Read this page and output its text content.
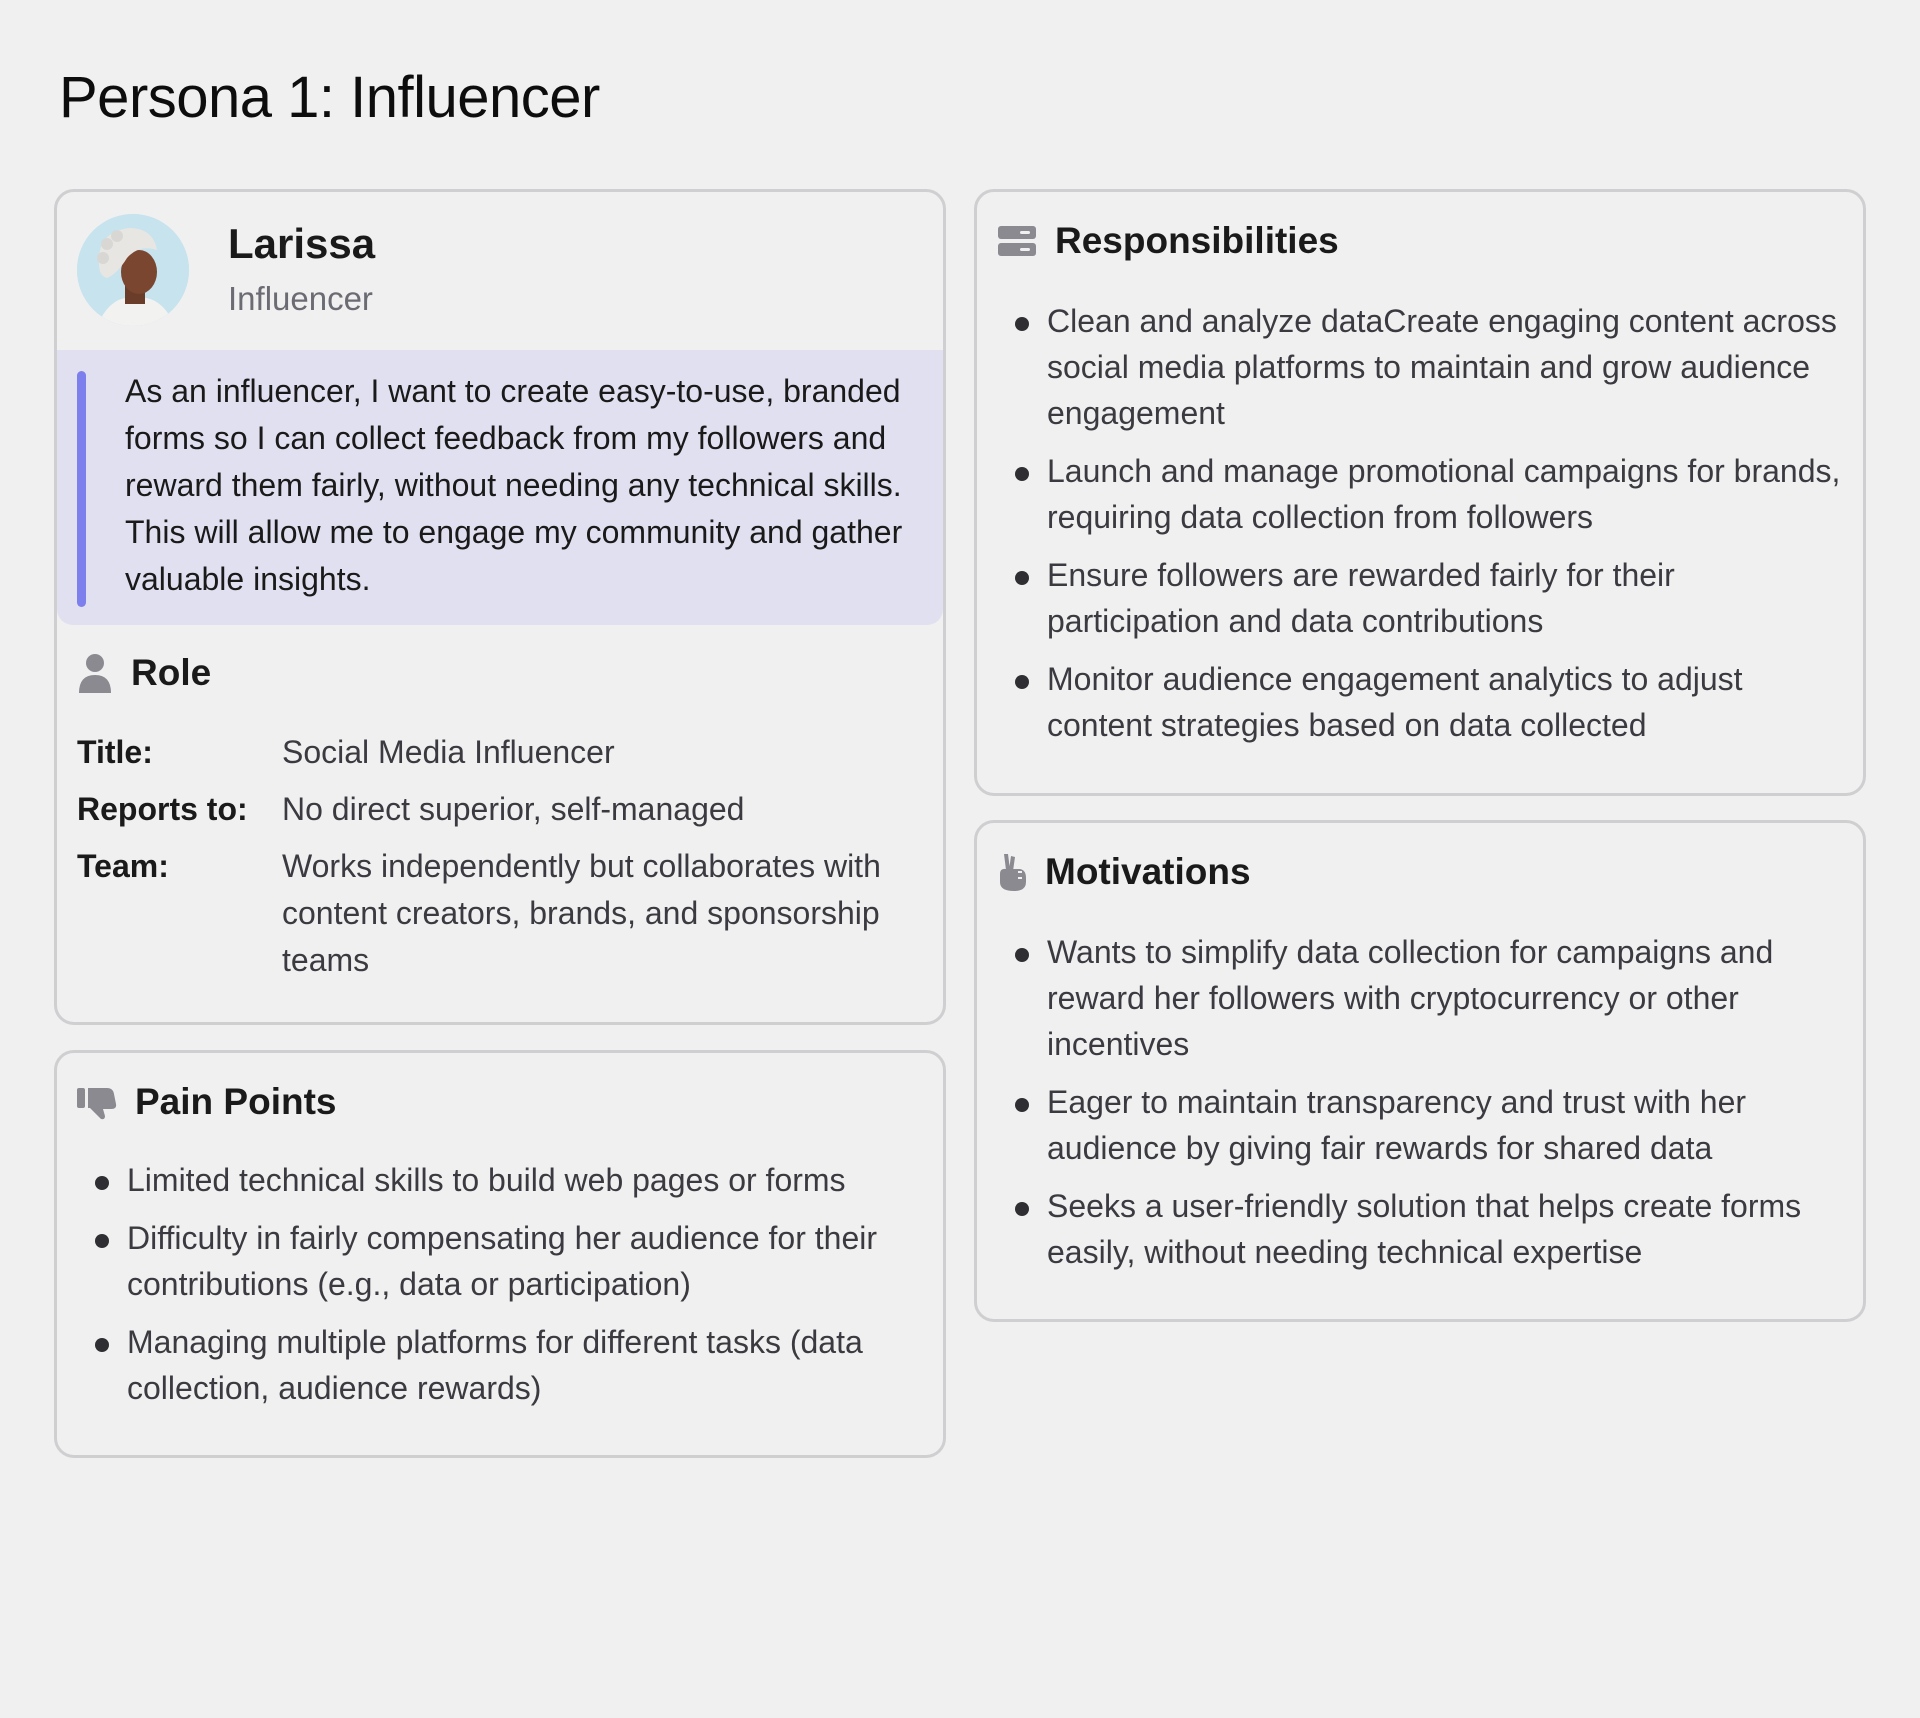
Persona 1: Influencer
Larissa
Influencer
As an influencer, I want to create easy-to-use, branded forms so I can collect feedback from my followers and reward them fairly, without needing any technical skills. This will allow me to engage my community and gather valuable insights.
Role
Title:	Social Media Influencer
Reports to: No direct superior, self-managed
Team:	Works independently but collaborates with content creators, brands, and sponsorship teams
Pain Points
Limited technical skills to build web pages or forms
Difficulty in fairly compensating her audience for their contributions (e.g., data or participation)
Managing multiple platforms for different tasks (data collection, audience rewards)
Responsibilities
Clean and analyze dataCreate engaging content across social media platforms to maintain and grow audience engagement
Launch and manage promotional campaigns for brands, requiring data collection from followers
Ensure followers are rewarded fairly for their participation and data contributions
Monitor audience engagement analytics to adjust content strategies based on data collected
Motivations
Wants to simplify data collection for campaigns and reward her followers with cryptocurrency or other incentives
Eager to maintain transparency and trust with her audience by giving fair rewards for shared data
Seeks a user-friendly solution that helps create forms easily, without needing technical expertise
